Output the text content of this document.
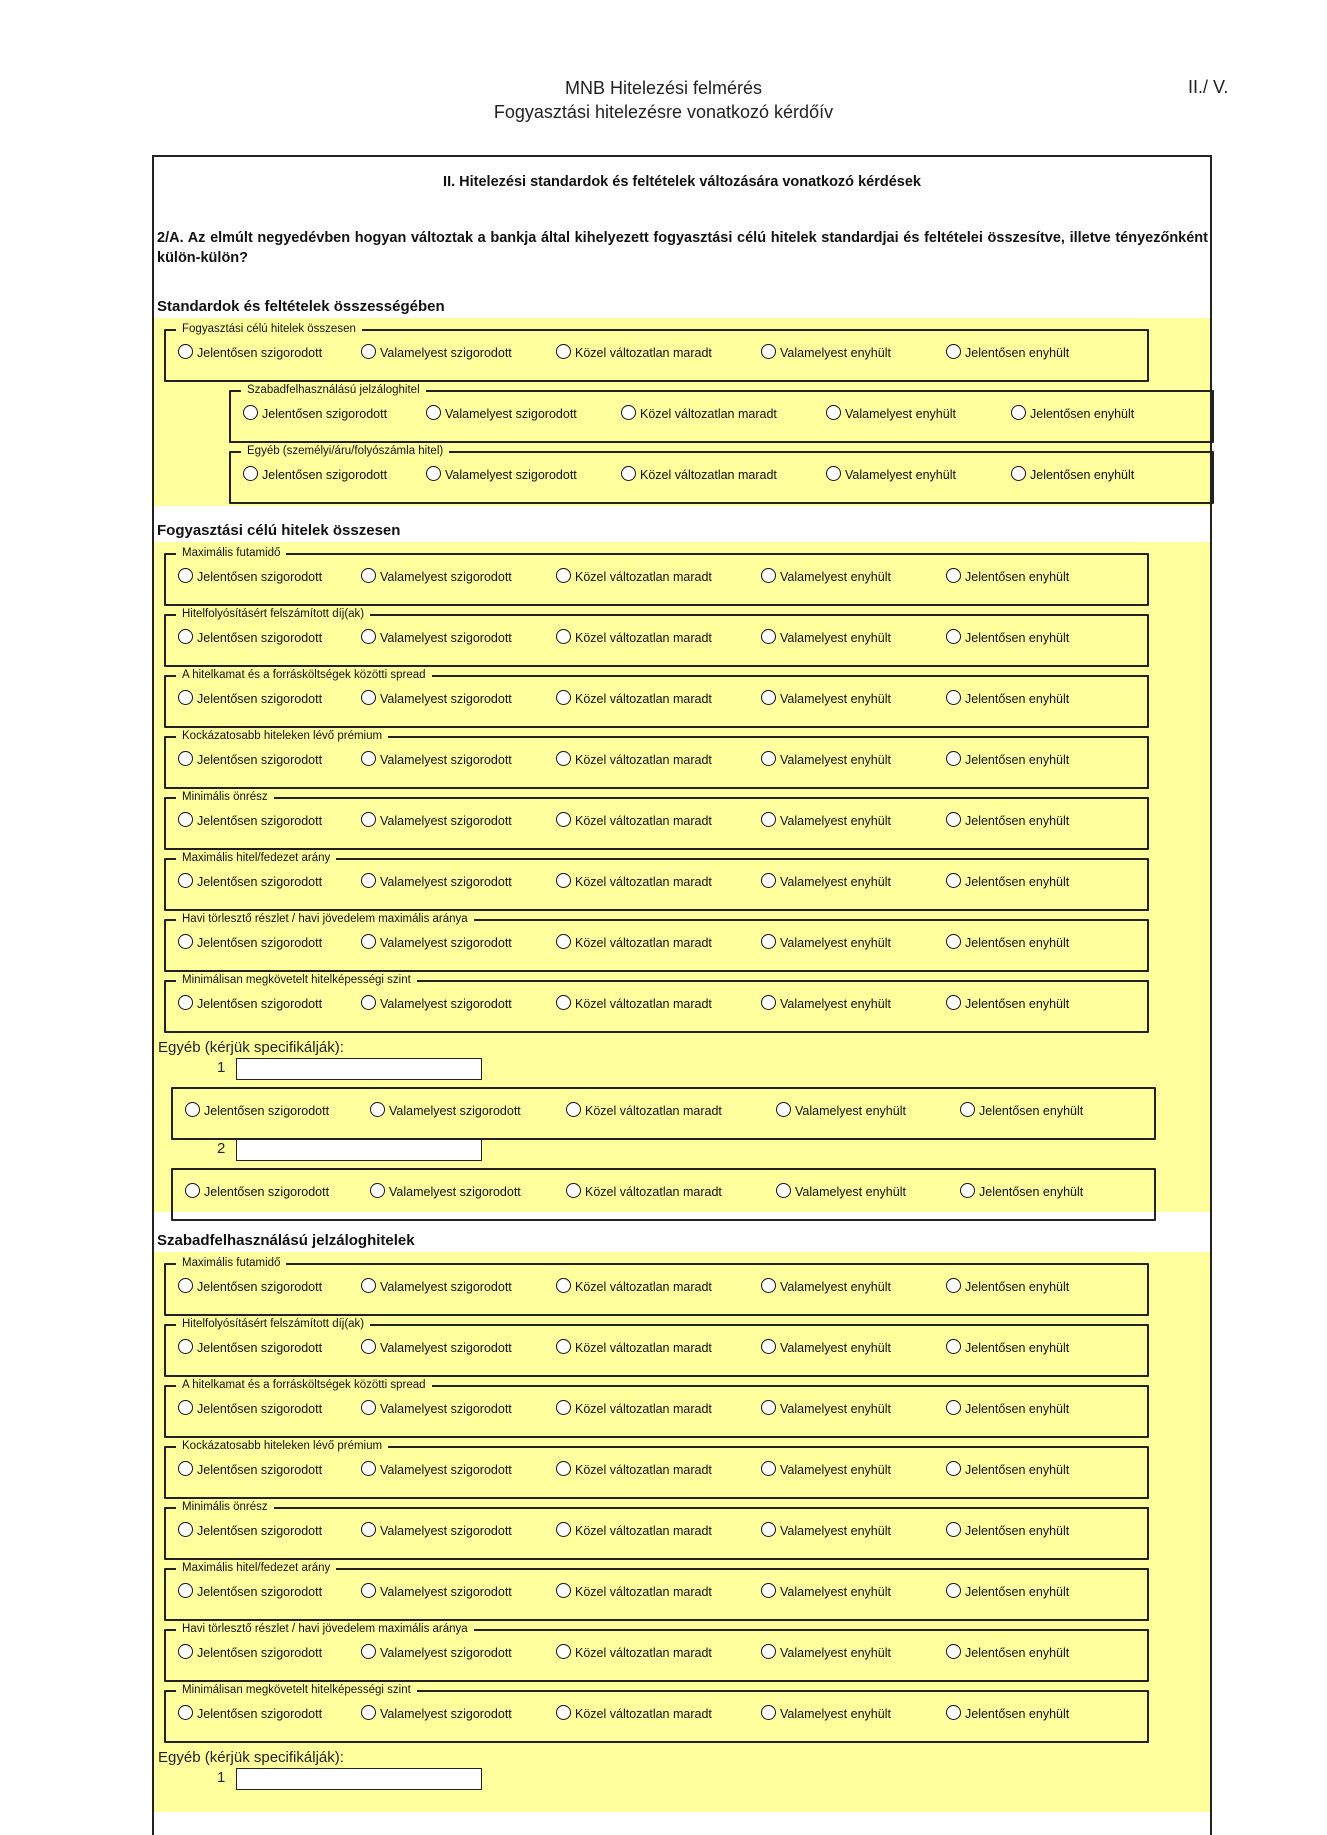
MNB Hitelezési felmérés
Fogyasztási hitelezésre vonatkozó kérdőív
II./ V.
II. Hitelezési standardok és feltételek változására vonatkozó kérdések
2/A. Az elmúlt negyedévben hogyan változtak a bankja által kihelyezett fogyasztási célú hitelek standardjai és feltételei összesítve, illetve tényezőnként külön-külön?
Standardok és feltételek összességében
Fogyasztási célú hitelek összesen
Jelentősen szigorodott	Valamelyest szigorodott	Közel változatlan maradt	Valamelyest enyhült	Jelentősen enyhült
Szabadfelhasználású jelzáloghitel
Jelentősen szigorodott	Valamelyest szigorodott	Közel változatlan maradt	Valamelyest enyhült	Jelentősen enyhült
Egyéb (személyi/áru/folyószámla hitel)
Jelentősen szigorodott	Valamelyest szigorodott	Közel változatlan maradt	Valamelyest enyhült	Jelentősen enyhült
Fogyasztási célú hitelek összesen
Maximális futamidő
Jelentősen szigorodott	Valamelyest szigorodott	Közel változatlan maradt	Valamelyest enyhült	Jelentősen enyhült
Hitelfolyósításért felszámított díj(ak)
Jelentősen szigorodott	Valamelyest szigorodott	Közel változatlan maradt	Valamelyest enyhült	Jelentősen enyhült
A hitelkamat és a forrásköltségek közötti spread
Jelentősen szigorodott	Valamelyest szigorodott	Közel változatlan maradt	Valamelyest enyhült	Jelentősen enyhült
Kockázatosabb hiteleken lévő prémium
Jelentősen szigorodott	Valamelyest szigorodott	Közel változatlan maradt	Valamelyest enyhült	Jelentősen enyhült
Minimális önrész
Jelentősen szigorodott	Valamelyest szigorodott	Közel változatlan maradt	Valamelyest enyhült	Jelentősen enyhült
Maximális hitel/fedezet arány
Jelentősen szigorodott	Valamelyest szigorodott	Közel változatlan maradt	Valamelyest enyhült	Jelentősen enyhült
Havi törlesztő részlet / havi jövedelem maximális aránya
Jelentősen szigorodott	Valamelyest szigorodott	Közel változatlan maradt	Valamelyest enyhült	Jelentősen enyhült
Minimálisan megkövetelt hitelképességi szint
Jelentősen szigorodott	Valamelyest szigorodott	Közel változatlan maradt	Valamelyest enyhült	Jelentősen enyhült
Egyéb (kérjük specifikálják):
1
Jelentősen szigorodott	Valamelyest szigorodott	Közel változatlan maradt	Valamelyest enyhült	Jelentősen enyhült
2
Jelentősen szigorodott	Valamelyest szigorodott	Közel változatlan maradt	Valamelyest enyhült	Jelentősen enyhült
Szabadfelhasználású jelzáloghitelek
Maximális futamidő
Jelentősen szigorodott	Valamelyest szigorodott	Közel változatlan maradt	Valamelyest enyhült	Jelentősen enyhült
Hitelfolyósításért felszámított díj(ak)
Jelentősen szigorodott	Valamelyest szigorodott	Közel változatlan maradt	Valamelyest enyhült	Jelentősen enyhült
A hitelkamat és a forrásköltségek közötti spread
Jelentősen szigorodott	Valamelyest szigorodott	Közel változatlan maradt	Valamelyest enyhült	Jelentősen enyhült
Kockázatosabb hiteleken lévő prémium
Jelentősen szigorodott	Valamelyest szigorodott	Közel változatlan maradt	Valamelyest enyhült	Jelentősen enyhült
Minimális önrész
Jelentősen szigorodott	Valamelyest szigorodott	Közel változatlan maradt	Valamelyest enyhült	Jelentősen enyhült
Maximális hitel/fedezet arány
Jelentősen szigorodott	Valamelyest szigorodott	Közel változatlan maradt	Valamelyest enyhült	Jelentősen enyhült
Havi törlesztő részlet / havi jövedelem maximális aránya
Jelentősen szigorodott	Valamelyest szigorodott	Közel változatlan maradt	Valamelyest enyhült	Jelentősen enyhült
Minimálisan megkövetelt hitelképességi szint
Jelentősen szigorodott	Valamelyest szigorodott	Közel változatlan maradt	Valamelyest enyhült	Jelentősen enyhült
Egyéb (kérjük specifikálják):
1
